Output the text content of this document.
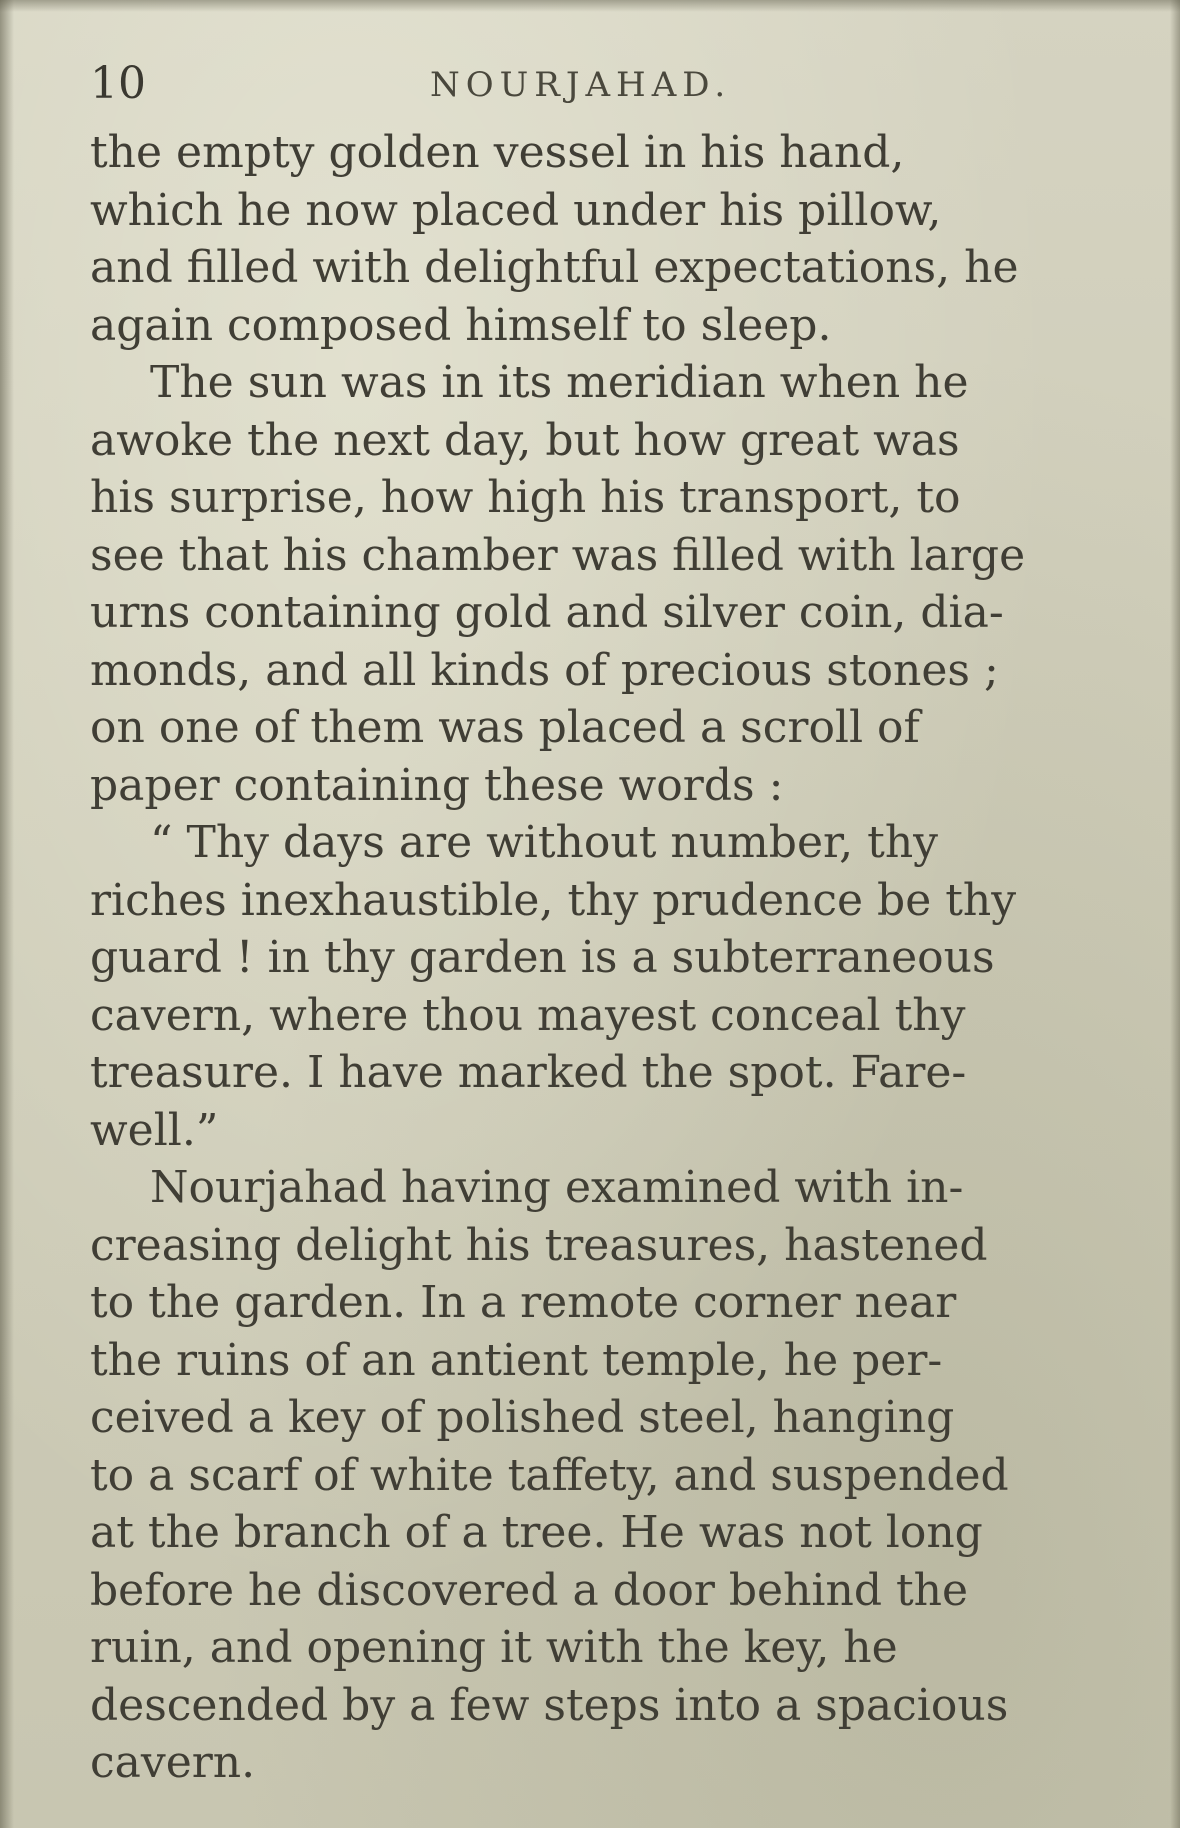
10	NOURJAHAD.
the empty golden vessel in his hand,
which he now placed under his pillow,
and filled with delightful expectations, he
again composed himself to sleep.
The sun was in its meridian when he
awoke the next day, but how great was
his surprise, how high his transport, to
see that his chamber was filled with large
urns containing gold and silver coin, dia-
monds, and all kinds of precious stones ;
on one of them was placed a scroll of
paper containing these words :
“ Thy days are without number, thy
riches inexhaustible, thy prudence be thy
guard ! in thy garden is a subterraneous
cavern, where thou mayest conceal thy
treasure. I have marked the spot. Fare-
well.”
Nourjahad having examined with in-
creasing delight his treasures, hastened
to the garden. In a remote corner near
the ruins of an antient temple, he per-
ceived a key of polished steel, hanging
to a scarf of white taffety, and suspended
at the branch of a tree. He was not long
before he discovered a door behind the
ruin, and opening it with the key, he
descended by a few steps into a spacious
cavern.
